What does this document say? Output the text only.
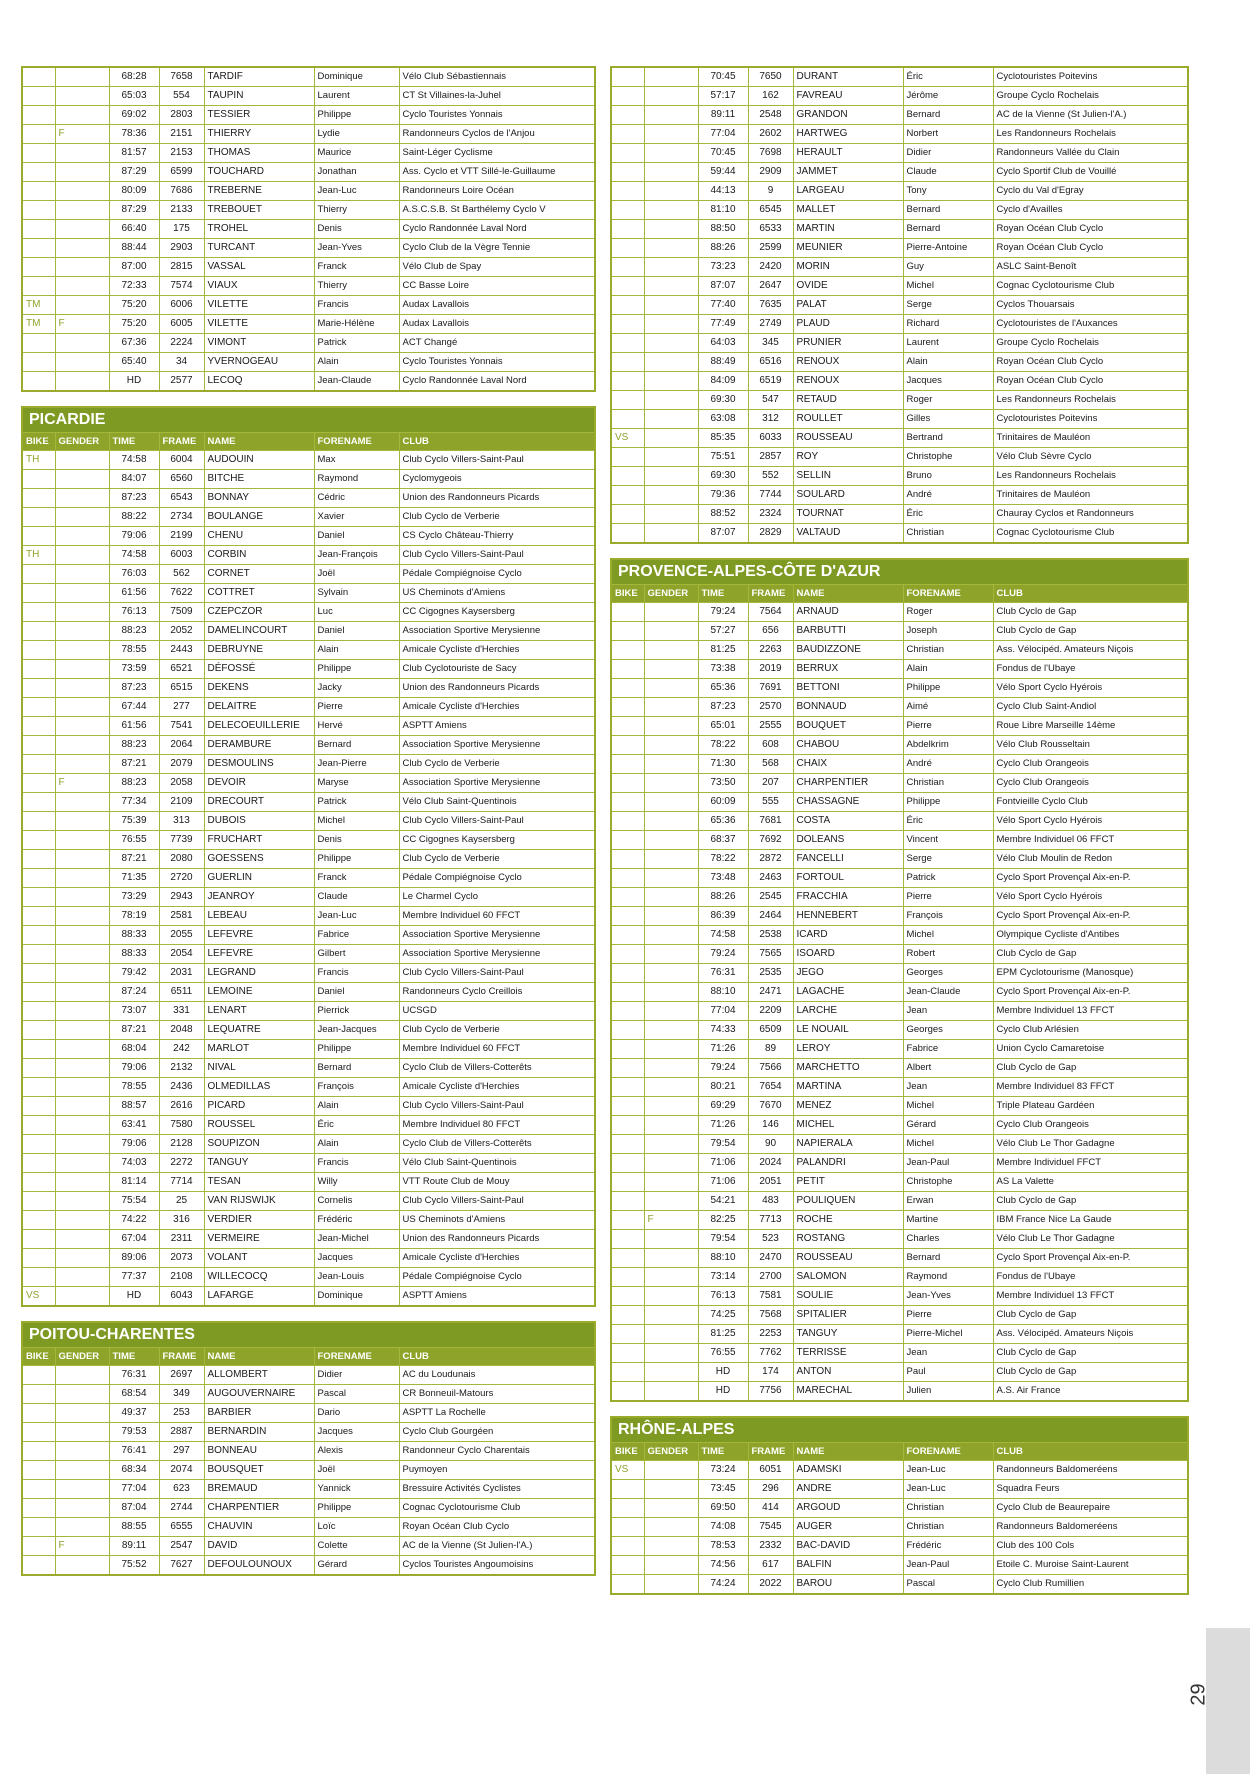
		68:28	7658	TARDIF	Dominique	Vélo Club Sébastiennais
		65:03	554	TAUPIN	Laurent	CT St Villaines-la-Juhel
		69:02	2803	TESSIER	Philippe	Cyclo Touristes Yonnais
	F	78:36	2151	THIERRY	Lydie	Randonneurs Cyclos de l'Anjou
		81:57	2153	THOMAS	Maurice	Saint-Léger Cyclisme
		87:29	6599	TOUCHARD	Jonathan	Ass. Cyclo et VTT Sillé-le-Guillaume
		80:09	7686	TREBERNE	Jean-Luc	Randonneurs Loire Océan
		87:29	2133	TREBOUET	Thierry	A.S.C.S.B. St Barthélemy Cyclo V
		66:40	175	TROHEL	Denis	Cyclo Randonnée Laval Nord
		88:44	2903	TURCANT	Jean-Yves	Cyclo Club de la Vègre Tennie
		87:00	2815	VASSAL	Franck	Vélo Club de Spay
		72:33	7574	VIAUX	Thierry	CC Basse Loire
TM		75:20	6006	VILETTE	Francis	Audax Lavallois
TM	F	75:20	6005	VILETTE	Marie-Hélène	Audax Lavallois
		67:36	2224	VIMONT	Patrick	ACT Changé
		65:40	34	YVERNOGEAU	Alain	Cyclo Touristes Yonnais
		HD	2577	LECOQ	Jean-Claude	Cyclo Randonnée Laval Nord
PICARDIE						
BIKE	GENDER	TIME	FRAME	NAME	FORENAME	CLUB
TH		74:58	6004	AUDOUIN	Max	Club Cyclo Villers-Saint-Paul
		84:07	6560	BITCHE	Raymond	Cyclomygeois
		87:23	6543	BONNAY	Cédric	Union des Randonneurs Picards
		88:22	2734	BOULANGE	Xavier	Club Cyclo de Verberie
		79:06	2199	CHENU	Daniel	CS Cyclo Château-Thierry
TH		74:58	6003	CORBIN	Jean-François	Club Cyclo Villers-Saint-Paul
		76:03	562	CORNET	Joël	Pédale Compiégnoise Cyclo
		61:56	7622	COTTRET	Sylvain	US Cheminots d'Amiens
		76:13	7509	CZEPCZOR	Luc	CC Cigognes Kaysersberg
		88:23	2052	DAMELINCOURT	Daniel	Association Sportive Merysienne
		78:55	2443	DEBRUYNE	Alain	Amicale Cycliste d'Herchies
		73:59	6521	DÉFOSSÉ	Philippe	Club Cyclotouriste de Sacy
		87:23	6515	DEKENS	Jacky	Union des Randonneurs Picards
		67:44	277	DELAITRE	Pierre	Amicale Cycliste d'Herchies
		61:56	7541	DELECOEUILLERIE	Hervé	ASPTT Amiens
		88:23	2064	DERAMBURE	Bernard	Association Sportive Merysienne
		87:21	2079	DESMOULINS	Jean-Pierre	Club Cyclo de Verberie
	F	88:23	2058	DEVOIR	Maryse	Association Sportive Merysienne
		77:34	2109	DRECOURT	Patrick	Vélo Club Saint-Quentinois
		75:39	313	DUBOIS	Michel	Club Cyclo Villers-Saint-Paul
		76:55	7739	FRUCHART	Denis	CC Cigognes Kaysersberg
		87:21	2080	GOESSENS	Philippe	Club Cyclo de Verberie
		71:35	2720	GUERLIN	Franck	Pédale Compiégnoise Cyclo
		73:29	2943	JEANROY	Claude	Le Charmel Cyclo
		78:19	2581	LEBEAU	Jean-Luc	Membre Individuel 60 FFCT
		88:33	2055	LEFEVRE	Fabrice	Association Sportive Merysienne
		88:33	2054	LEFEVRE	Gilbert	Association Sportive Merysienne
		79:42	2031	LEGRAND	Francis	Club Cyclo Villers-Saint-Paul
		87:24	6511	LEMOINE	Daniel	Randonneurs Cyclo Creillois
		73:07	331	LENART	Pierrick	UCSGD
		87:21	2048	LEQUATRE	Jean-Jacques	Club Cyclo de Verberie
		68:04	242	MARLOT	Philippe	Membre Individuel 60 FFCT
		79:06	2132	NIVAL	Bernard	Cyclo Club de Villers-Cotterêts
		78:55	2436	OLMEDILLAS	François	Amicale Cycliste d'Herchies
		88:57	2616	PICARD	Alain	Club Cyclo Villers-Saint-Paul
		63:41	7580	ROUSSEL	Éric	Membre Individuel 80 FFCT
		79:06	2128	SOUPIZON	Alain	Cyclo Club de Villers-Cotterêts
		74:03	2272	TANGUY	Francis	Vélo Club Saint-Quentinois
		81:14	7714	TESAN	Willy	VTT Route Club de Mouy
		75:54	25	VAN RIJSWIJK	Cornelis	Club Cyclo Villers-Saint-Paul
		74:22	316	VERDIER	Frédéric	US Cheminots d'Amiens
		67:04	2311	VERMEIRE	Jean-Michel	Union des Randonneurs Picards
		89:06	2073	VOLANT	Jacques	Amicale Cycliste d'Herchies
		77:37	2108	WILLECOCQ	Jean-Louis	Pédale Compiégnoise Cyclo
VS		HD	6043	LAFARGE	Dominique	ASPTT Amiens
POITOU-CHARENTES						
BIKE	GENDER	TIME	FRAME	NAME	FORENAME	CLUB
		76:31	2697	ALLOMBERT	Didier	AC du Loudunais
		68:54	349	AUGOUVERNAIRE	Pascal	CR Bonneuil-Matours
		49:37	253	BARBIER	Dario	ASPTT La Rochelle
		79:53	2887	BERNARDIN	Jacques	Cyclo Club Gourgéen
		76:41	297	BONNEAU	Alexis	Randonneur Cyclo Charentais
		68:34	2074	BOUSQUET	Joël	Puymoyen
		77:04	623	BREMAUD	Yannick	Bressuire Activités Cyclistes
		87:04	2744	CHARPENTIER	Philippe	Cognac Cyclotourisme Club
		88:55	6555	CHAUVIN	Loïc	Royan Océan Club Cyclo
	F	89:11	2547	DAVID	Colette	AC de la Vienne (St Julien-l'A.)
		75:52	7627	DEFOULOUNOUX	Gérard	Cyclos Touristes Angoumoisins
		70:45	7650	DURANT	Éric	Cyclotouristes Poitevins
		57:17	162	FAVREAU	Jérôme	Groupe Cyclo Rochelais
		89:11	2548	GRANDON	Bernard	AC de la Vienne (St Julien-l'A.)
		77:04	2602	HARTWEG	Norbert	Les Randonneurs Rochelais
		70:45	7698	HERAULT	Didier	Randonneurs Vallée du Clain
		59:44	2909	JAMMET	Claude	Cyclo Sportif Club de Vouillé
		44:13	9	LARGEAU	Tony	Cyclo du Val d'Egray
		81:10	6545	MALLET	Bernard	Cyclo d'Availles
		88:50	6533	MARTIN	Bernard	Royan Océan Club Cyclo
		88:26	2599	MEUNIER	Pierre-Antoine	Royan Océan Club Cyclo
		73:23	2420	MORIN	Guy	ASLC Saint-Benoît
		87:07	2647	OVIDE	Michel	Cognac Cyclotourisme Club
		77:40	7635	PALAT	Serge	Cyclos Thouarsais
		77:49	2749	PLAUD	Richard	Cyclotouristes de l'Auxances
		64:03	345	PRUNIER	Laurent	Groupe Cyclo Rochelais
		88:49	6516	RENOUX	Alain	Royan Océan Club Cyclo
		84:09	6519	RENOUX	Jacques	Royan Océan Club Cyclo
		69:30	547	RETAUD	Roger	Les Randonneurs Rochelais
		63:08	312	ROULLET	Gilles	Cyclotouristes Poitevins
VS		85:35	6033	ROUSSEAU	Bertrand	Trinitaires de Mauléon
		75:51	2857	ROY	Christophe	Vélo Club Sèvre Cyclo
		69:30	552	SELLIN	Bruno	Les Randonneurs Rochelais
		79:36	7744	SOULARD	André	Trinitaires de Mauléon
		88:52	2324	TOURNAT	Éric	Chauray Cyclos et Randonneurs
		87:07	2829	VALTAUD	Christian	Cognac Cyclotourisme Club
PROVENCE-ALPES-CÔTE D'AZUR						
BIKE	GENDER	TIME	FRAME	NAME	FORENAME	CLUB
		79:24	7564	ARNAUD	Roger	Club Cyclo de Gap
		57:27	656	BARBUTTI	Joseph	Club Cyclo de Gap
		81:25	2263	BAUDIZZONE	Christian	Ass. Vélocipéd. Amateurs Niçois
		73:38	2019	BERRUX	Alain	Fondus de l'Ubaye
		65:36	7691	BETTONI	Philippe	Vélo Sport Cyclo Hyérois
		87:23	2570	BONNAUD	Aimé	Cyclo Club Saint-Andiol
		65:01	2555	BOUQUET	Pierre	Roue Libre Marseille 14ème
		78:22	608	CHABOU	Abdelkrim	Vélo Club Rousseltain
		71:30	568	CHAIX	André	Cyclo Club Orangeois
		73:50	207	CHARPENTIER	Christian	Cyclo Club Orangeois
		60:09	555	CHASSAGNE	Philippe	Fontvieille Cyclo Club
		65:36	7681	COSTA	Éric	Vélo Sport Cyclo Hyérois
		68:37	7692	DOLEANS	Vincent	Membre Individuel 06 FFCT
		78:22	2872	FANCELLI	Serge	Vélo Club Moulin de Redon
		73:48	2463	FORTOUL	Patrick	Cyclo Sport Provençal Aix-en-P.
		88:26	2545	FRACCHIA	Pierre	Vélo Sport Cyclo Hyérois
		86:39	2464	HENNEBERT	François	Cyclo Sport Provençal Aix-en-P.
		74:58	2538	ICARD	Michel	Olympique Cycliste d'Antibes
		79:24	7565	ISOARD	Robert	Club Cyclo de Gap
		76:31	2535	JEGO	Georges	EPM Cyclotourisme (Manosque)
		88:10	2471	LAGACHE	Jean-Claude	Cyclo Sport Provençal Aix-en-P.
		77:04	2209	LARCHE	Jean	Membre Individuel 13 FFCT
		74:33	6509	LE NOUAIL	Georges	Cyclo Club Arlésien
		71:26	89	LEROY	Fabrice	Union Cyclo Camaretoise
		79:24	7566	MARCHETTO	Albert	Club Cyclo de Gap
		80:21	7654	MARTINA	Jean	Membre Individuel 83 FFCT
		69:29	7670	MENEZ	Michel	Triple Plateau Gardéen
		71:26	146	MICHEL	Gérard	Cyclo Club Orangeois
		79:54	90	NAPIERALA	Michel	Vélo Club Le Thor Gadagne
		71:06	2024	PALANDRI	Jean-Paul	Membre Individuel FFCT
		71:06	2051	PETIT	Christophe	AS La Valette
		54:21	483	POULIQUEN	Erwan	Club Cyclo de Gap
	F	82:25	7713	ROCHE	Martine	IBM France Nice La Gaude
		79:54	523	ROSTANG	Charles	Vélo Club Le Thor Gadagne
		88:10	2470	ROUSSEAU	Bernard	Cyclo Sport Provençal Aix-en-P.
		73:14	2700	SALOMON	Raymond	Fondus de l'Ubaye
		76:13	7581	SOULIE	Jean-Yves	Membre Individuel 13 FFCT
		74:25	7568	SPITALIER	Pierre	Club Cyclo de Gap
		81:25	2253	TANGUY	Pierre-Michel	Ass. Vélocipéd. Amateurs Niçois
		76:55	7762	TERRISSE	Jean	Club Cyclo de Gap
		HD	174	ANTON	Paul	Club Cyclo de Gap
		HD	7756	MARECHAL	Julien	A.S. Air France
RHÔNE-ALPES						
BIKE	GENDER	TIME	FRAME	NAME	FORENAME	CLUB
VS		73:24	6051	ADAMSKI	Jean-Luc	Randonneurs Baldomeréens
		73:45	296	ANDRE	Jean-Luc	Squadra Feurs
		69:50	414	ARGOUD	Christian	Cyclo Club de Beaurepaire
		74:08	7545	AUGER	Christian	Randonneurs Baldomeréens
		78:53	2332	BAC-DAVID	Frédéric	Club des 100 Cols
		74:56	617	BALFIN	Jean-Paul	Etoile C. Muroise Saint-Laurent
		74:24	2022	BAROU	Pascal	Cyclo Club Rumillien
29
